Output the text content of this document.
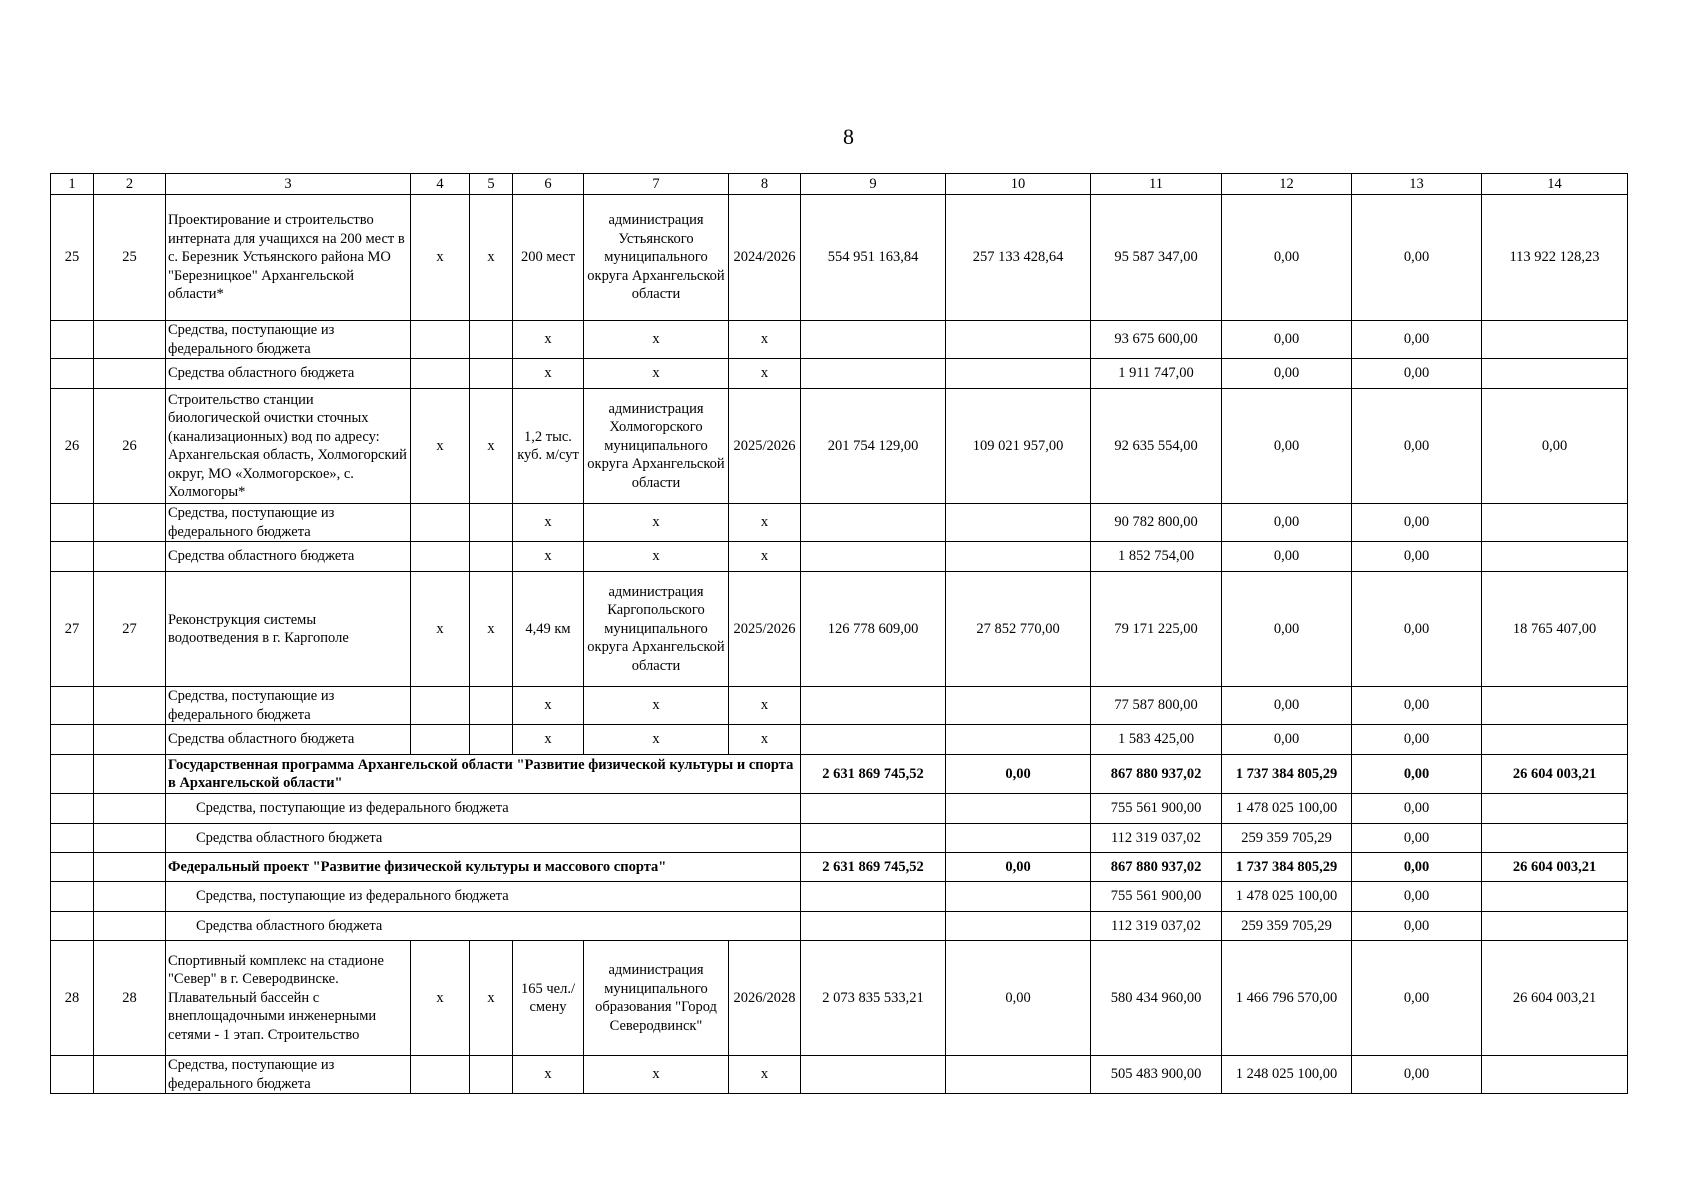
8
1	2	3	4	5	6	7	8	9	10	11	12	13	14
25	25	Проектирование и строительство интерната для учащихся на 200 мест в с. Березник Устьянского района МО "Березницкое" Архангельской области*	х	х	200 мест	администрация Устьянского муниципального округа Архангельской области	2024/2026	554 951 163,84	257 133 428,64	95 587 347,00	0,00	0,00	113 922 128,23
		Средства, поступающие из федерального бюджета			х	х	х			93 675 600,00	0,00	0,00	
		Средства областного бюджета			х	х	х			1 911 747,00	0,00	0,00	
26	26	Строительство станции биологической очистки сточных (канализационных) вод по адресу: Архангельская область, Холмогорский округ, МО «Холмогорское», с. Холмогоры*	х	х	1,2 тыс. куб. м/сут	администрация Холмогорского муниципального округа Архангельской области	2025/2026	201 754 129,00	109 021 957,00	92 635 554,00	0,00	0,00	0,00
		Средства, поступающие из федерального бюджета			х	х	х			90 782 800,00	0,00	0,00	
		Средства областного бюджета			х	х	х			1 852 754,00	0,00	0,00	
27	27	Реконструкция системы водоотведения в г. Каргополе	х	х	4,49 км	администрация Каргопольского муниципального округа Архангельской области	2025/2026	126 778 609,00	27 852 770,00	79 171 225,00	0,00	0,00	18 765 407,00
		Средства, поступающие из федерального бюджета			х	х	х			77 587 800,00	0,00	0,00	
		Средства областного бюджета			х	х	х			1 583 425,00	0,00	0,00	
		Государственная программа Архангельской области "Развитие физической культуры и спорта в Архангельской области"						2 631 869 745,52	0,00	867 880 937,02	1 737 384 805,29	0,00	26 604 003,21
		Средства, поступающие из федерального бюджета								755 561 900,00	1 478 025 100,00	0,00	
		Средства областного бюджета								112 319 037,02	259 359 705,29	0,00	
		Федеральный проект "Развитие физической культуры и массового спорта"						2 631 869 745,52	0,00	867 880 937,02	1 737 384 805,29	0,00	26 604 003,21
		Средства, поступающие из федерального бюджета								755 561 900,00	1 478 025 100,00	0,00	
		Средства областного бюджета								112 319 037,02	259 359 705,29	0,00	
28	28	Спортивный комплекс на стадионе "Север" в г. Северодвинске. Плавательный бассейн с внеплощадочными инженерными сетями - 1 этап. Строительство	х	х	165 чел./смену	администрация муниципального образования "Город Северодвинск"	2026/2028	2 073 835 533,21	0,00	580 434 960,00	1 466 796 570,00	0,00	26 604 003,21
		Средства, поступающие из федерального бюджета			х	х	х			505 483 900,00	1 248 025 100,00	0,00	
